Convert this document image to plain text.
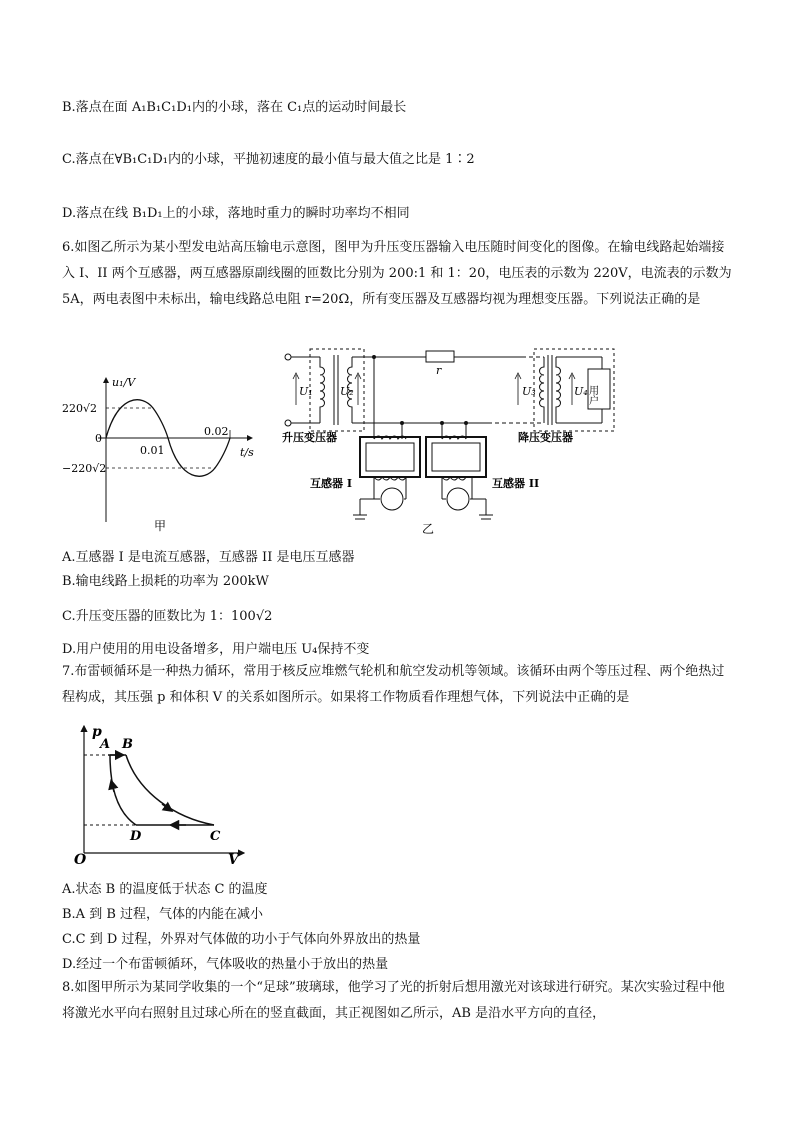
B.落点在面 A₁B₁C₁D₁内的小球，落在 C₁点的运动时间最长
C.落点在∀B₁C₁D₁内的小球，平抛初速度的最小值与最大值之比是 1∶2
D.落点在线 B₁D₁上的小球，落地时重力的瞬时功率均不相同
6.如图乙所示为某小型发电站高压输电示意图，图甲为升压变压器输入电压随时间变化的图像。在输电线路起始端接入 I、II 两个互感器，两互感器原副线圈的匝数比分别为 200:1 和 1：20，电压表的示数为 220V，电流表的示数为 5A，两电表图中未标出，输电线路总电阻 r=20Ω，所有变压器及互感器均视为理想变压器。下列说法正确的是
u₁/V
t/s
220√2
−220√2
0
0.01
0.02
甲
U₁ U₂	U₃	U₄
r
用户
升压变压器	降压变压器
互感器 I	互感器 II
乙
A.互感器 I 是电流互感器，互感器 II 是电压互感器
B.输电线路上损耗的功率为 200kW
C.升压变压器的匝数比为 1：100√2
D.用户使用的用电设备增多，用户端电压 U₄保持不变
7.布雷顿循环是一种热力循环，常用于核反应堆燃气轮机和航空发动机等领域。该循环由两个等压过程、两个绝热过程构成，其压强 p 和体积 V 的关系如图所示。如果将工作物质看作理想气体，下列说法中正确的是
p
V
O
A B
C
D
A.状态 B 的温度低于状态 C 的温度
B.A 到 B 过程，气体的内能在减小
C.C 到 D 过程，外界对气体做的功小于气体向外界放出的热量
D.经过一个布雷顿循环，气体吸收的热量小于放出的热量
8.如图甲所示为某同学收集的一个“足球”玻璃球，他学习了光的折射后想用激光对该球进行研究。某次实验过程中他将激光水平向右照射且过球心所在的竖直截面，其正视图如乙所示，AB 是沿水平方向的直径，
